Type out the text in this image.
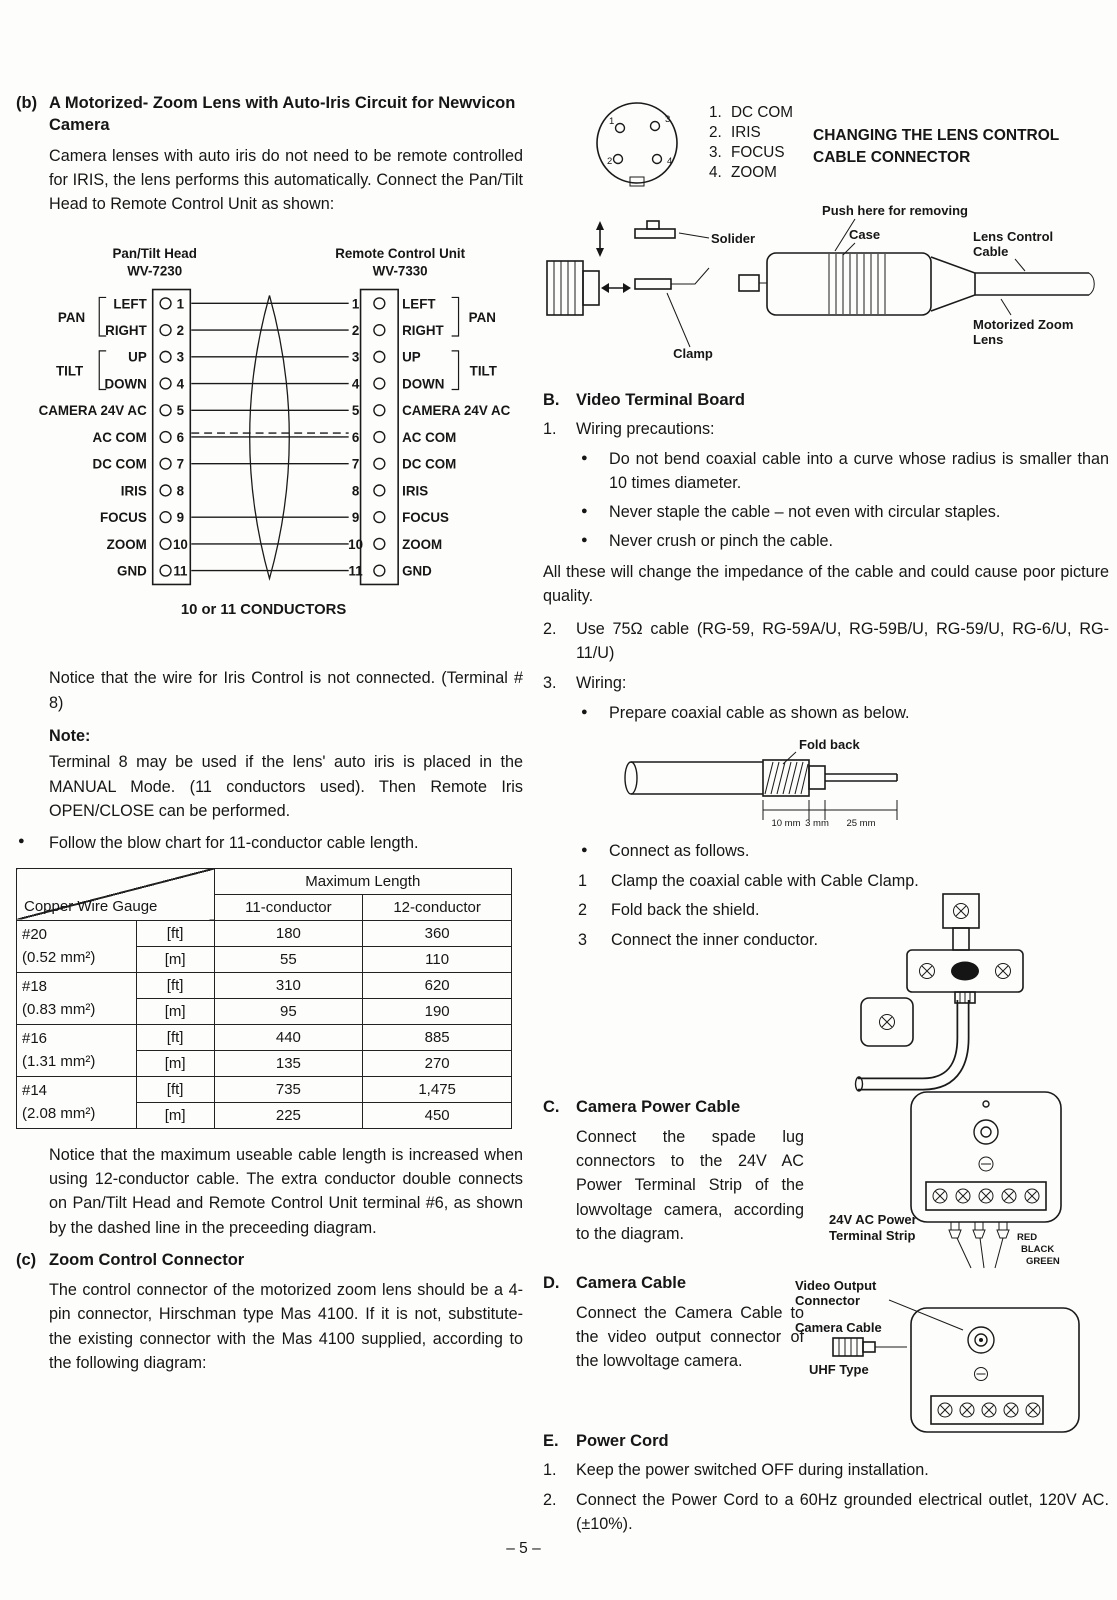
(b) A Motorized- Zoom Lens with Auto-Iris Circuit for Newvicon Camera

Camera lenses with auto iris do not need to be remote controlled for IRIS, the lens performs this automatically. Connect the Pan/Tilt Head to Remote Control Unit as shown:

Pan/Tilt Head
WV-7230
Remote Control Unit
WV-7330
PAN
TILT
PAN
TILT
LEFT 1	1	LEFT
RIGHT 2	2	RIGHT
UP 3	3	UP
DOWN 4	4	DOWN
CAMERA 24V AC 5	5	CAMERA 24V AC
AC COM 6	6	AC COM
DC COM 7	7	DC COM
IRIS 8	8	IRIS
FOCUS 9	9	FOCUS
ZOOM 10	10	ZOOM
GND 11	11	GND
10 or 11 CONDUCTORS

Notice that the wire for Iris Control is not connected. (Terminal # 8)

Note:

Terminal 8 may be used if the lens' auto iris is placed in the MANUAL Mode. (11 conductors used). Then Remote Iris OPEN/CLOSE can be performed.

● Follow the blow chart for 11-conductor cable length.
Copper Wire Gauge		Maximum Length	
		11-conductor	12-conductor
#20
(0.52 mm²)	[ft]	180	360
	[m]	55	110
#18
(0.83 mm²)	[ft]	310	620
	[m]	95	190
#16
(1.31 mm²)	[ft]	440	885
	[m]	135	270
#14
(2.08 mm²)	[ft]	735	1,475
	[m]	225	450

Notice that the maximum useable cable length is increased when using 12-conductor cable. The extra conductor double connects on Pan/Tilt Head and Remote Control Unit terminal #6, as shown by the dashed line in the preceeding diagram.

(c) Zoom Control Connector

The control connector of the motorized zoom lens should be a 4-pin connector, Hirschman type Mas 4100. If it is not, substitute- the existing connector with the Mas 4100 supplied, according to the following diagram:

1	3
2	4
1. DC COM
2. IRIS
3. FOCUS
4. ZOOM
CHANGING THE LENS CONTROL
CABLE CONNECTOR
Push here for removing
Case	Lens Control
Cable
Solider
Clamp
Motorized Zoom
Lens
B.	Video Terminal Board
1.	Wiring precautions:
● Do not bend coaxial cable into a curve whose radius is smaller than 10 times diameter.
● Never staple the cable – not even with circular staples.
● Never crush or pinch the cable.

All these will change the impedance of the cable and could cause poor picture quality.

2.	Use 75Ω cable (RG-59, RG-59A/U, RG-59B/U, RG-59/U, RG-6/U, RG-11/U)
3.	Wiring:
● Prepare coaxial cable as shown as below.
Fold back
10 mm 3 mm 25 mm
● Connect as follows.
1	Clamp the coaxial cable with Cable Clamp.
2	Fold back the shield.
3	Connect the inner conductor.
C.	Camera Power Cable

Connect the spade lug connectors to the 24V AC Power Terminal Strip of the lowvoltage camera, according to the diagram.

24V AC Power
Terminal Strip	RED
BLACK
GREEN
D.	Camera Cable

Connect the Camera Cable to the video output connector of the lowvoltage camera.

Video Output
Connector
Camera Cable
UHF Type
E.	Power Cord
1.	Keep the power switched OFF during installation.
2.	Connect the Power Cord to a 60Hz grounded electrical outlet, 120V AC. (±10%).
– 5 –
